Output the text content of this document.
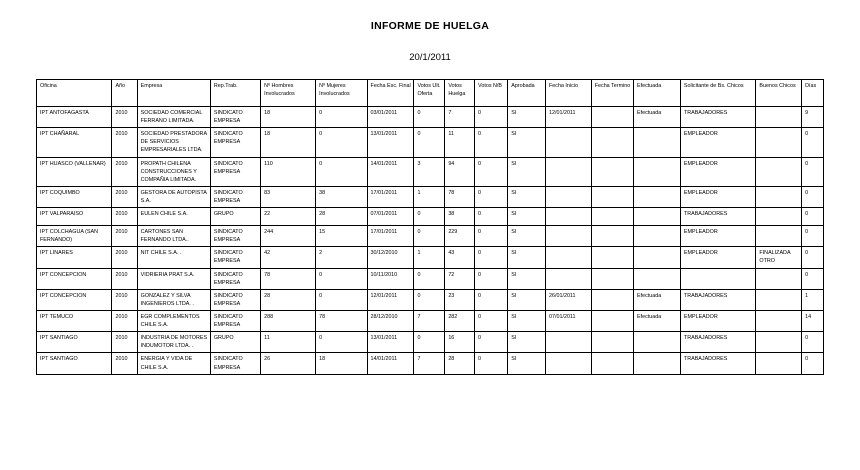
INFORME DE HUELGA
20/1/2011
Oficina	Año	Empresa	Rep.Trab.	Nº Hombres Involucrados	Nº Mujeres Involucrados	Fecha Esc. Final	Votos Ult. Oferta	Votos Huelga	Votos N/B	Aprobada	Fecha Inicio	Fecha Termino	Efectuada	Solicitante de Bs. Chicos	Buenos Chicos	Días
IPT ANTOFAGASTA	2010	SOCIEDAD COMERCIAL FERRANO LIMITADA.	SINDICATO EMPRESA	18	0	03/01/2011	0	7	0	SI	12/01/2011		Efectuada	TRABAJADORES		9
IPT CHAÑARAL	2010	SOCIEDAD PRESTADORA DE SERVICIOS EMPRESARIALES LTDA.	SINDICATO EMPRESA	18	0	13/01/2011	0	11	0	SI				EMPLEADOR		0
IPT HUASCO (VALLENAR)	2010	PROPATH CHILENA CONSTRUCCIONES Y COMPAÑIA LIMITADA.	SINDICATO EMPRESA	110	0	14/01/2011	3	94	0	SI				EMPLEADOR		0
IPT COQUIMBO	2010	GESTORA DE AUTOPISTA S.A.	SINDICATO EMPRESA	83	38	17/01/2011	1	78	0	SI				EMPLEADOR		0
IPT VALPARAISO	2010	EULEN CHILE S.A.	GRUPO	22	28	07/01/2011	0	38	0	SI				TRABAJADORES		0
IPT COLCHAGUA (SAN FERNANDO)	2010	CARTONES SAN FERNANDO LTDA..	SINDICATO EMPRESA	244	15	17/01/2011	0	229	0	SI				EMPLEADOR		0
IPT LINARES	2010	NIT CHILE S.A. .	SINDICATO EMPRESA	42	2	30/12/2010	1	43	0	SI				EMPLEADOR	FINALIZADA OTRO	0
IPT CONCEPCION	2010	VIDRIERIA PRAT S.A.	SINDICATO EMPRESA	78	0	10/11/2010	0	72	0	SI						0
IPT CONCEPCION	2010	GONZALEZ Y SILVA INGENIEROS LTDA. .	SINDICATO EMPRESA	28	0	12/01/2011	0	23	0	SI	26/01/2011		Efectuada	TRABAJADORES		1
IPT TEMUCO	2010	EGR COMPLEMENTOS CHILE S.A.	SINDICATO EMPRESA	288	78	28/12/2010	7	282	0	SI	07/01/2011		Efectuada	EMPLEADOR		14
IPT SANTIAGO	2010	INDUSTRIA DE MOTORES INDUMOTOR LTDA. .	GRUPO	11	0	13/01/2011	0	16	0	SI				TRABAJADORES		0
IPT SANTIAGO	2010	ENERGIA Y VIDA DE CHILE S.A.	SINDICATO EMPRESA	26	18	14/01/2011	7	28	0	SI				TRABAJADORES		0
